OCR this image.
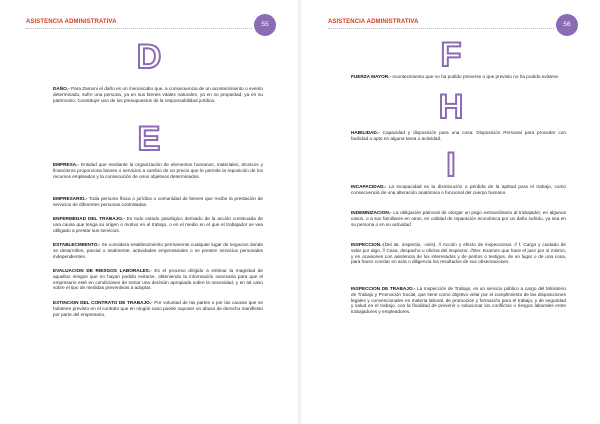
ASISTENCIA ADMINISTRATIVA	55
D

DAÑO.- Para Zamoni el daño es un menoscabo que, a consecuencia de un acontecimiento o evento determinado, sufre una persona, ya en sus bienes vitales naturales, ya en su propiedad, ya en su patrimonio. Constituye uno de los presupuestos de la responsabilidad jurídica.

E

EMPRESA.- Entidad que mediante la organización de elementos humanos, materiales, técnicos y financieros proporciona bienes o servicios a cambio de un precio que le permite la reposición de los recursos empleados y la consecución de unos objetivos determinados.

EMPRESARIO.- Toda persona física o jurídica o comunidad de bienes que recibe la prestación de servicios de diferentes personas contratadas.

ENFERMEDAD DEL TRABAJO.- Es todo estado patológico derivado de la acción continuada de una causa que tenga su origen o motivo en el trabajo, o en el medio en el que el trabajador se vea obligado a prestar sus servicios.

ESTABLECIMIENTO.- Se considera establecimiento permanente cualquier lugar de negocios donde se desarrollen, parcial o totalmente, actividades empresariales o se presten servicios personales independientes.

EVALUACION DE RIESGOS LABORALES.- Es el proceso dirigido a estimar la magnitud de aquellos riesgos que no hayan podido evitarse, obteniendo la información necesaria para que el empresario esté en condiciones de tomar una decisión apropiada sobre la necesidad, y en tal caso sobre el tipo de medidas preventivas a adoptar.

EXTINCION DEL CONTRATO DE TRABAJO.- Por voluntad de las partes o por las causas que se hubieren previsto en el contrato que en ningún caso puede suponer un abuso de derecho manifiesto por parte del empresario.

ASISTENCIA ADMINISTRATIVA	56
F

FUERZA MAYOR.- Acontecimiento que no ha podido preverse o que previsto no ha podido evitarse.

H

HABILIDAD.- Capacidad y disposición para una cosa. Disposición Personal para proceder con facilidad o apto en alguna tarea o actividad.

I

INCAPACIDAD.- La incapacidad es la disminución o pérdida de la aptitud para el trabajo, como consecuencia de una alteración anatómica o funcional del cuerpo humano.

INDEMNIZACION.- La obligación patronal de otorgar un pago extraordinario al trabajador, en algunos casos, o a sus familiares en otros, en calidad de reparación económica por un daño sufrido, ya sea en su persona o en su actividad

INSPECCION.-(Del lat. inspectio, -onis). // Acción y efecto de inspeccionar. // f. Cargo y cuidado de velar por algo. // Casa, despacho u oficina del inspector. //Der. Examen que hace el juez por sí mismo, y en ocasiones con asistencia de los interesados y de peritos o testigos, de un lugar o de una cosa, para hacer constar en acta o diligencia los resultados de sus observaciones.

INSPECCION DE TRABAJO.- La Inspección de Trabajo, es un servicio público a cargo del Ministerio de Trabajo y Promoción Social, que tiene como objetivo velar por el cumplimiento de las disposiciones legales y convencionales en materia laboral, de promoción y formación para el trabajo, y de seguridad y salud en el trabajo, con la finalidad de prevenir o solucionar los conflictos o riesgos laborales entre trabajadores y empleadores.
